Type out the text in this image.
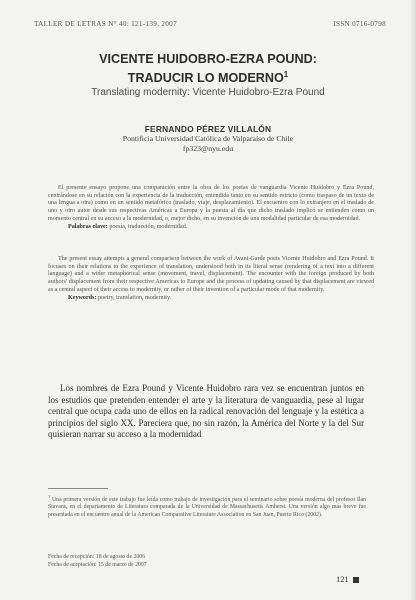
TALLER DE LETRAS N° 40: 121-139, 2007	ISSN 0716-0798
VICENTE HUIDOBRO-EZRA POUND:
TRADUCIR LO MODERNO$^1$
Translating modernity: Vicente Huidobro-Ezra Pound
FERNANDO PÉREZ VILLALÓN
Pontificia Universidad Católica de Valparaíso de Chile
fp323@nyu.edu

El presente ensayo propone una comparación entre la obra de los poetas de vanguardia Vicente Huidobro y Ezra Pound, centrándose en su relación con la experiencia de la traducción, entendida tanto en su sentido estricto (como traspaso de un texto de una lengua a otra) como en un sentido metafórico (traslado, viaje, desplazamiento). El encuentro con lo extranjero en el traslado de uno y otro autor desde sus respectivas Américas a Europa y la puesta al día que dicho traslado implicó se entienden como un momento central en su acceso a la modernidad, o, mejor dicho, en su invención de una modalidad particular de esa modernidad.

Palabras clave: poesía, traducción, modernidad.

The present essay attempts a general comparison between the work of Avant-Garde poets Vicente Huidobro and Ezra Pound. It focuses on their relations to the experience of translation, understood both in its literal sense (rendering of a text into a different language) and a wider metaphorical sense (movement, travel, displacement). The encounter with the foreign produced by both authors' displacement from their respective Americas to Europe and the process of updating caused by that displacement are viewed as a central aspect of their access to modernity, or rather of their invention of a particular mode of that modernity.

Keywords: poetry, translation, modernity.

Los nombres de Ezra Pound y Vicente Huidobro rara vez se encuentran juntos en los estudios que pretenden entender el arte y la literatura de vanguardia, pese al lugar central que ocupa cada uno de ellos en la radical renovación del lenguaje y la estética a principios del siglo XX. Pareciera que, no sin razón, la América del Norte y la del Sur quisieran narrar su acceso a la modernidad

$^1$ Una primera versión de este trabajo fue leída como trabajo de investigación para el seminario sobre poesía moderna del profesor Ilan Stavans, en el departamento de Literatura comparada de la Universidad de Massachusetts Amherst. Una versión algo más breve fue presentada en el encuentro anual de la American Comparative Literature Association en San Juan, Puerto Rico (2002).

Fecha de recepción: 18 de agosto de 2006
Fecha de aceptación: 15 de marzo de 2007
121
